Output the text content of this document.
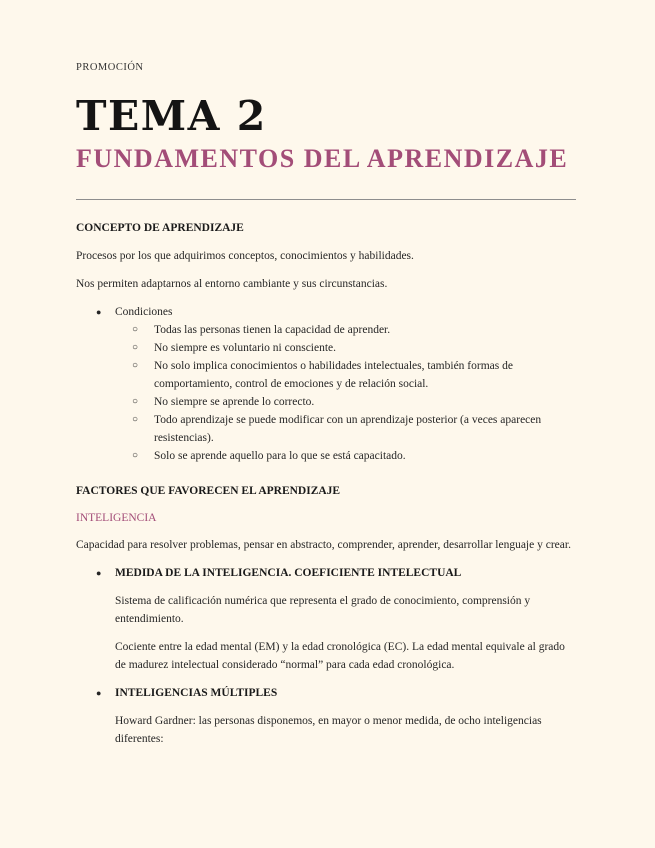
PROMOCIÓN
TEMA 2
FUNDAMENTOS DEL APRENDIZAJE

CONCEPTO DE APRENDIZAJE

Procesos por los que adquirimos conceptos, conocimientos y habilidades.

Nos permiten adaptarnos al entorno cambiante y sus circunstancias.

● Condiciones
○ Todas las personas tienen la capacidad de aprender.
○ No siempre es voluntario ni consciente.
○ No solo implica conocimientos o habilidades intelectuales, también formas de comportamiento, control de emociones y de relación social.
○ No siempre se aprende lo correcto.
○ Todo aprendizaje se puede modificar con un aprendizaje posterior (a veces aparecen resistencias).
○ Solo se aprende aquello para lo que se está capacitado.

FACTORES QUE FAVORECEN EL APRENDIZAJE

INTELIGENCIA

Capacidad para resolver problemas, pensar en abstracto, comprender, aprender, desarrollar lenguaje y crear.

● MEDIDA DE LA INTELIGENCIA. COEFICIENTE INTELECTUAL

Sistema de calificación numérica que representa el grado de conocimiento, comprensión y entendimiento.

Cociente entre la edad mental (EM) y la edad cronológica (EC). La edad mental equivale al grado de madurez intelectual considerado “normal” para cada edad cronológica.

● INTELIGENCIAS MÚLTIPLES

Howard Gardner: las personas disponemos, en mayor o menor medida, de ocho inteligencias diferentes:
